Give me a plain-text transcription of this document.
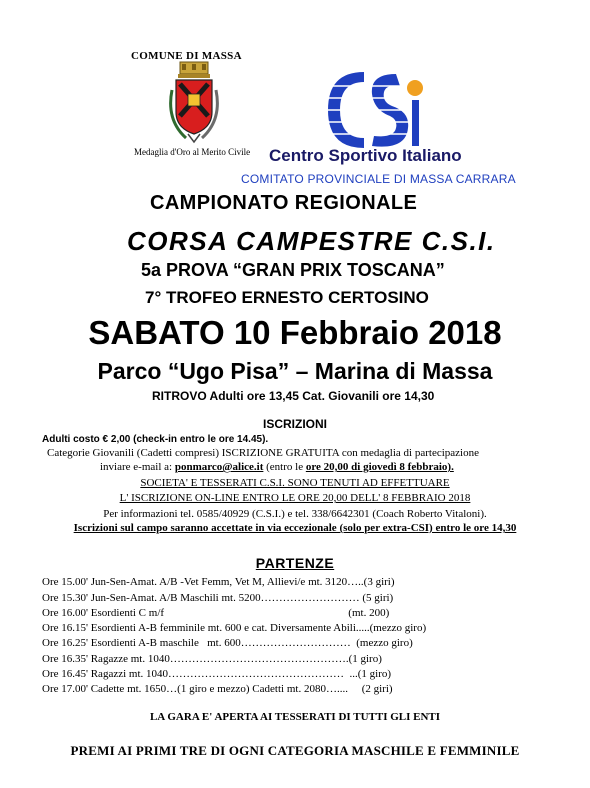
COMUNE DI MASSA
Medaglia d'Oro al Merito Civile Centro Sportivo Italiano
COMITATO PROVINCIALE DI MASSA CARRARA
CAMPIONATO REGIONALE
CORSA CAMPESTRE C.S.I.
5a PROVA “GRAN PRIX TOSCANA”
7° TROFEO ERNESTO CERTOSINO
SABATO 10 Febbraio 2018
Parco “Ugo Pisa” – Marina di Massa
RITROVO Adulti ore 13,45 Cat. Giovanili ore 14,30
ISCRIZIONI
Adulti costo € 2,00 (check-in entro le ore 14.45).
Categorie Giovanili (Cadetti compresi) ISCRIZIONE GRATUITA con medaglia di partecipazione
inviare e-mail a: ponmarco@alice.it (entro le ore 20,00 di giovedì 8 febbraio).
SOCIETA' E TESSERATI C.S.I. SONO TENUTI AD EFFETTUARE
L' ISCRIZIONE ON-LINE ENTRO LE ORE 20,00 DELL' 8 FEBBRAIO 2018
Per informazioni tel. 0585/40929 (C.S.I.) e tel. 338/6642301 (Coach Roberto Vitaloni).
Iscrizioni sul campo saranno accettate in via eccezionale (solo per extra-CSI) entro le ore 14,30
PARTENZE
Ore 15.00' Jun-Sen-Amat. A/B -Vet Femm, Vet M, Allievi/e mt. 3120…..(3 giri)
Ore 15.30' Jun-Sen-Amat. A/B Maschili mt. 5200……………………… (5 giri)
Ore 16.00' Esordienti C m/f                                                                   (mt. 200)
Ore 16.15' Esordienti A-B femminile mt. 600 e cat. Diversamente Abili.....(mezzo giro)
Ore 16.25' Esordienti A-B maschile   mt. 600…………………………  (mezzo giro)
Ore 16.35' Ragazze mt. 1040………………………………………….(1 giro)
Ore 16.45' Ragazzi mt. 1040…………………………………………  ...(1 giro)
Ore 17.00' Cadette mt. 1650…(1 giro e mezzo) Cadetti mt. 2080…....     (2 giri)
LA GARA E' APERTA AI TESSERATI DI TUTTI GLI ENTI
PREMI AI PRIMI TRE DI OGNI CATEGORIA MASCHILE E FEMMINILE
